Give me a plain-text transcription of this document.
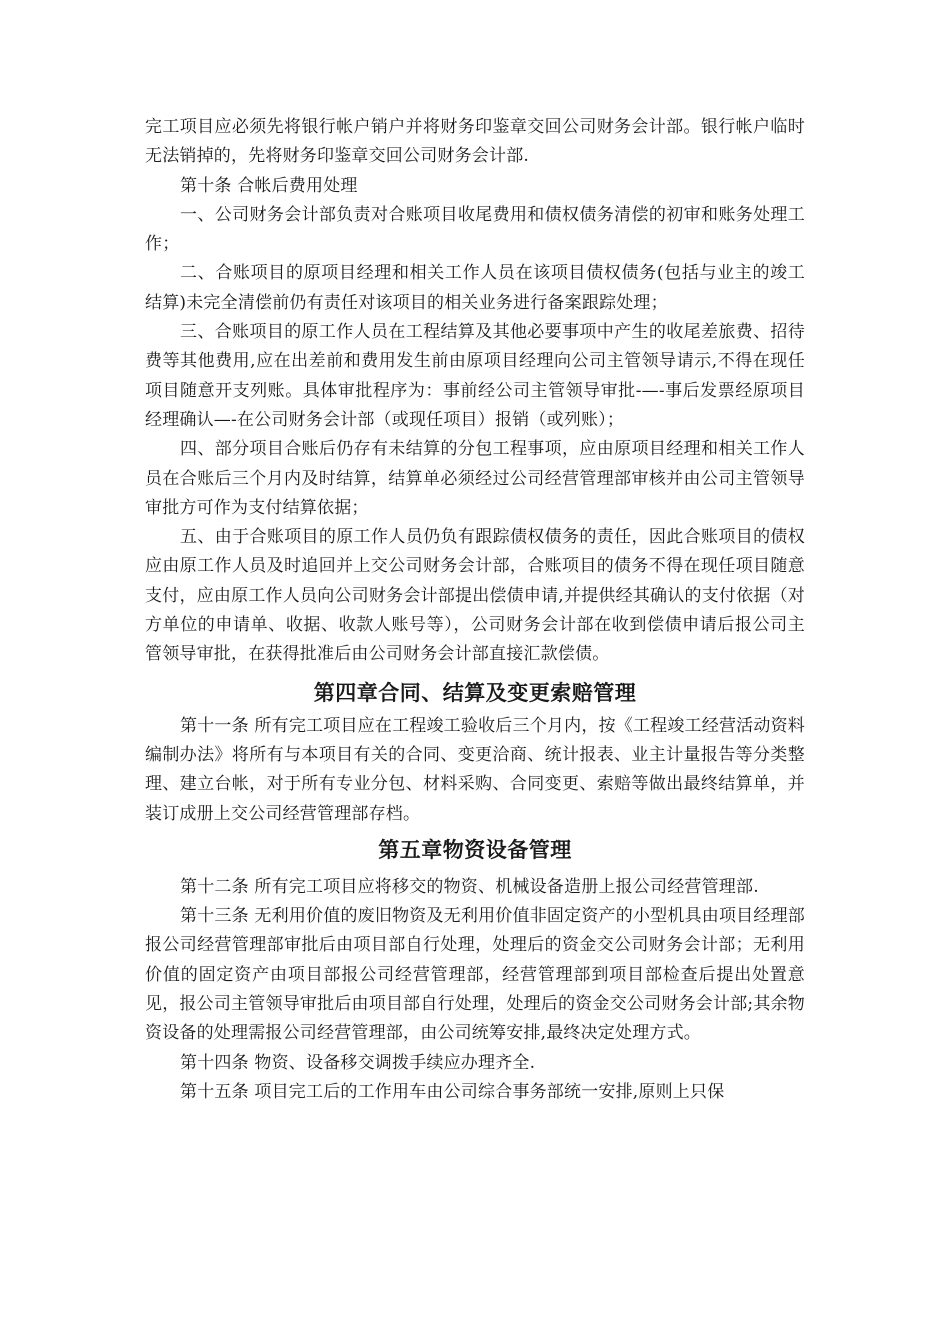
完工项目应必须先将银行帐户销户并将财务印鉴章交回公司财务会计部。银行帐户临时无法销掉的，先将财务印鉴章交回公司财务会计部.

第十条 合帐后费用处理

一、公司财务会计部负责对合账项目收尾费用和债权债务清偿的初审和账务处理工作；

二、合账项目的原项目经理和相关工作人员在该项目债权债务(包括与业主的竣工结算)未完全清偿前仍有责任对该项目的相关业务进行备案跟踪处理；

三、合账项目的原工作人员在工程结算及其他必要事项中产生的收尾差旅费、招待费等其他费用,应在出差前和费用发生前由原项目经理向公司主管领导请示,不得在现任项目随意开支列账。具体审批程序为：事前经公司主管领导审批-—-事后发票经原项目经理确认—-在公司财务会计部（或现任项目）报销（或列账）；

四、部分项目合账后仍存有未结算的分包工程事项，应由原项目经理和相关工作人员在合账后三个月内及时结算，结算单必须经过公司经营管理部审核并由公司主管领导审批方可作为支付结算依据；

五、由于合账项目的原工作人员仍负有跟踪债权债务的责任，因此合账项目的债权应由原工作人员及时追回并上交公司财务会计部，合账项目的债务不得在现任项目随意支付，应由原工作人员向公司财务会计部提出偿债申请,并提供经其确认的支付依据（对方单位的申请单、收据、收款人账号等），公司财务会计部在收到偿债申请后报公司主管领导审批，在获得批准后由公司财务会计部直接汇款偿债。

第四章合同、结算及变更索赔管理

第十一条 所有完工项目应在工程竣工验收后三个月内，按《工程竣工经营活动资料编制办法》将所有与本项目有关的合同、变更洽商、统计报表、业主计量报告等分类整理、建立台帐，对于所有专业分包、材料采购、合同变更、索赔等做出最终结算单，并装订成册上交公司经营管理部存档。

第五章物资设备管理

第十二条 所有完工项目应将移交的物资、机械设备造册上报公司经营管理部.

第十三条 无利用价值的废旧物资及无利用价值非固定资产的小型机具由项目经理部报公司经营管理部审批后由项目部自行处理，处理后的资金交公司财务会计部；无利用价值的固定资产由项目部报公司经营管理部，经营管理部到项目部检查后提出处置意见，报公司主管领导审批后由项目部自行处理，处理后的资金交公司财务会计部;其余物资设备的处理需报公司经营管理部，由公司统筹安排,最终决定处理方式。

第十四条 物资、设备移交调拨手续应办理齐全.

第十五条 项目完工后的工作用车由公司综合事务部统一安排,原则上只保
